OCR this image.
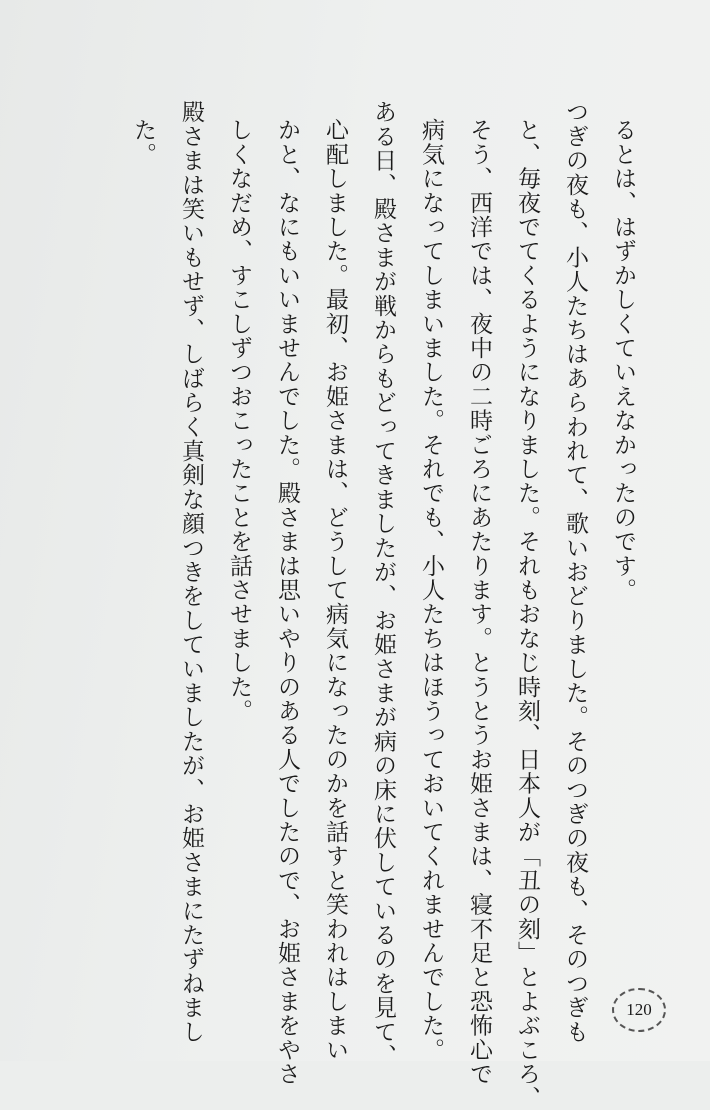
るとは、はずかしくていえなかったのです。
つぎの夜も、小人たちはあらわれて、歌いおどりました。そのつぎの夜も、そのつぎも
と、毎夜でてくるようになりました。それもおなじ時刻、日本人が「丑の刻」とよぶころ、
そう、西洋では、夜中の二時ごろにあたります。とうとうお姫さまは、寝不足と恐怖心で
病気になってしまいました。それでも、小人たちはほうっておいてくれませんでした。
ある日、殿さまが戦からもどってきましたが、お姫さまが病の床に伏しているのを見て、
心配しました。最初、お姫さまは、どうして病気になったのかを話すと笑われはしまい
かと、なにもいいませんでした。殿さまは思いやりのある人でしたので、お姫さまをやさ
しくなだめ、すこしずつおこったことを話させました。
殿さまは笑いもせず、しばらく真剣な顔つきをしていましたが、お姫さまにたずねまし
た。
120
